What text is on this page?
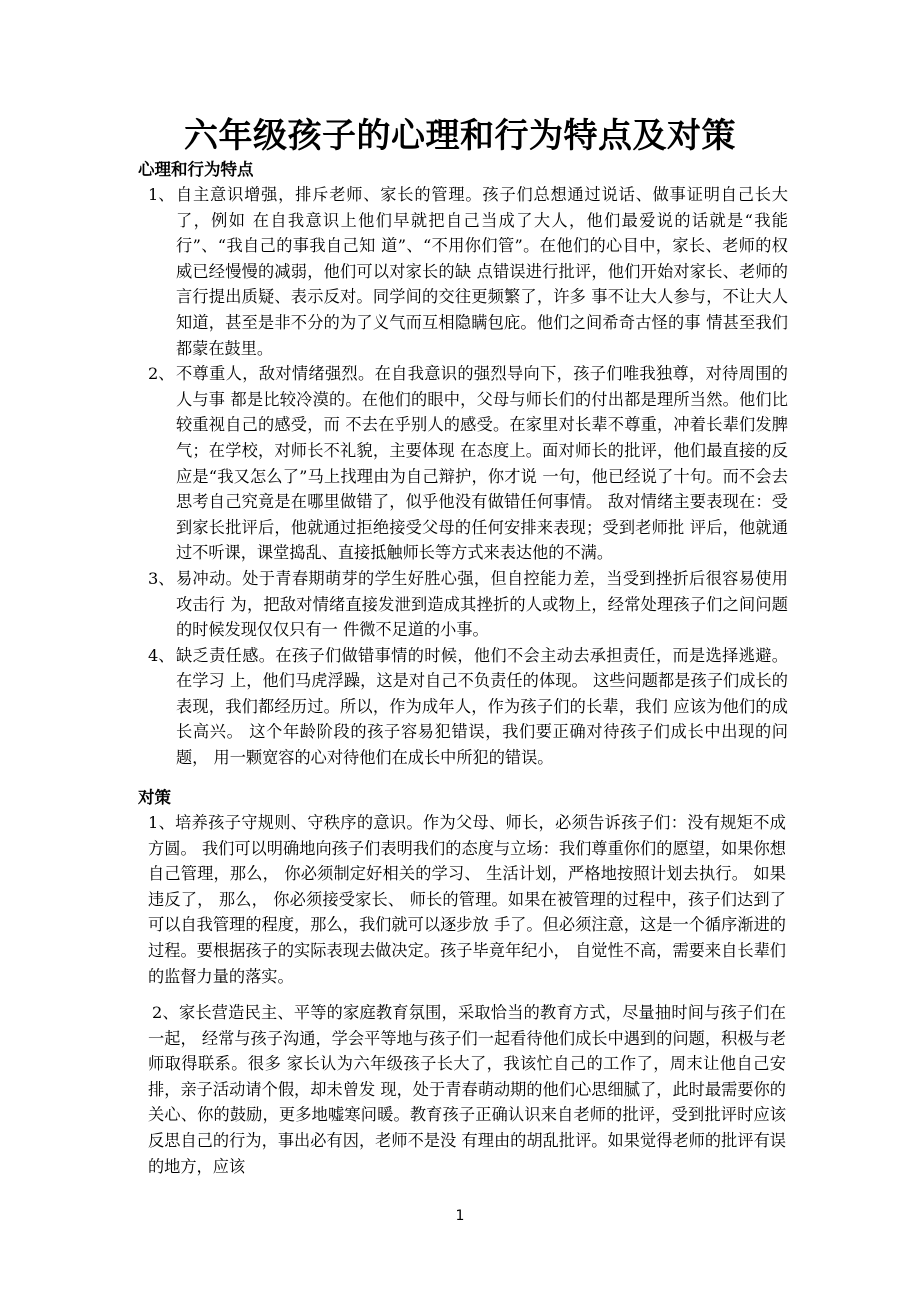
六年级孩子的心理和行为特点及对策
心理和行为特点
1、 自主意识增强，排斥老师、家长的管理。孩子们总想通过说话、做事证明自己长大了，例如 在自我意识上他们早就把自己当成了大人，他们最爱说的话就是“我能行”、“我自己的事我自己知 道”、“不用你们管”。在他们的心目中，家长、老师的权威已经慢慢的减弱，他们可以对家长的缺 点错误进行批评，他们开始对家长、老师的言行提出质疑、表示反对。同学间的交往更频繁了，许多 事不让大人参与，不让大人知道，甚至是非不分的为了义气而互相隐瞒包庇。他们之间希奇古怪的事 情甚至我们都蒙在鼓里。
2、 不尊重人，敌对情绪强烈。在自我意识的强烈导向下，孩子们唯我独尊，对待周围的人与事 都是比较冷漠的。在他们的眼中，父母与师长们的付出都是理所当然。他们比较重视自己的感受，而 不去在乎别人的感受。在家里对长辈不尊重，冲着长辈们发脾气；在学校，对师长不礼貌，主要体现 在态度上。面对师长的批评，他们最直接的反应是“我又怎么了”马上找理由为自己辩护，你才说 一句，他已经说了十句。而不会去思考自己究竟是在哪里做错了，似乎他没有做错任何事情。 敌对情绪主要表现在：受到家长批评后，他就通过拒绝接受父母的任何安排来表现；受到老师批 评后，他就通过不听课，课堂捣乱、直接抵触师长等方式来表达他的不满。
3、 易冲动。处于青春期萌芽的学生好胜心强，但自控能力差，当受到挫折后很容易使用攻击行 为，把敌对情绪直接发泄到造成其挫折的人或物上，经常处理孩子们之间问题的时候发现仅仅只有一 件微不足道的小事。
4、 缺乏责任感。在孩子们做错事情的时候，他们不会主动去承担责任，而是选择逃避。在学习 上，他们马虎浮躁，这是对自己不负责任的体现。 这些问题都是孩子们成长的表现，我们都经历过。所以，作为成年人，作为孩子们的长辈，我们 应该为他们的成长高兴。 这个年龄阶段的孩子容易犯错误，我们要正确对待孩子们成长中出现的问题， 用一颗宽容的心对待他们在成长中所犯的错误。
对策

1、培养孩子守规则、守秩序的意识。作为父母、师长，必须告诉孩子们：没有规矩不成方圆。 我们可以明确地向孩子们表明我们的态度与立场：我们尊重你们的愿望，如果你想自己管理，那么， 你必须制定好相关的学习、 生活计划，严格地按照计划去执行。 如果违反了， 那么， 你必须接受家长、 师长的管理。如果在被管理的过程中，孩子们达到了可以自我管理的程度，那么，我们就可以逐步放 手了。但必须注意，这是一个循序渐进的过程。要根据孩子的实际表现去做决定。孩子毕竟年纪小， 自觉性不高，需要来自长辈们的监督力量的落实。

2、家长营造民主、平等的家庭教育氛围，采取恰当的教育方式，尽量抽时间与孩子们在一起， 经常与孩子沟通，学会平等地与孩子们一起看待他们成长中遇到的问题，积极与老师取得联系。很多 家长认为六年级孩子长大了，我该忙自己的工作了，周末让他自己安排，亲子活动请个假，却未曾发 现，处于青春萌动期的他们心思细腻了，此时最需要你的关心、你的鼓励，更多地嘘寒问暖。教育孩子正确认识来自老师的批评，受到批评时应该反思自己的行为，事出必有因，老师不是没 有理由的胡乱批评。如果觉得老师的批评有误的地方，应该

1
